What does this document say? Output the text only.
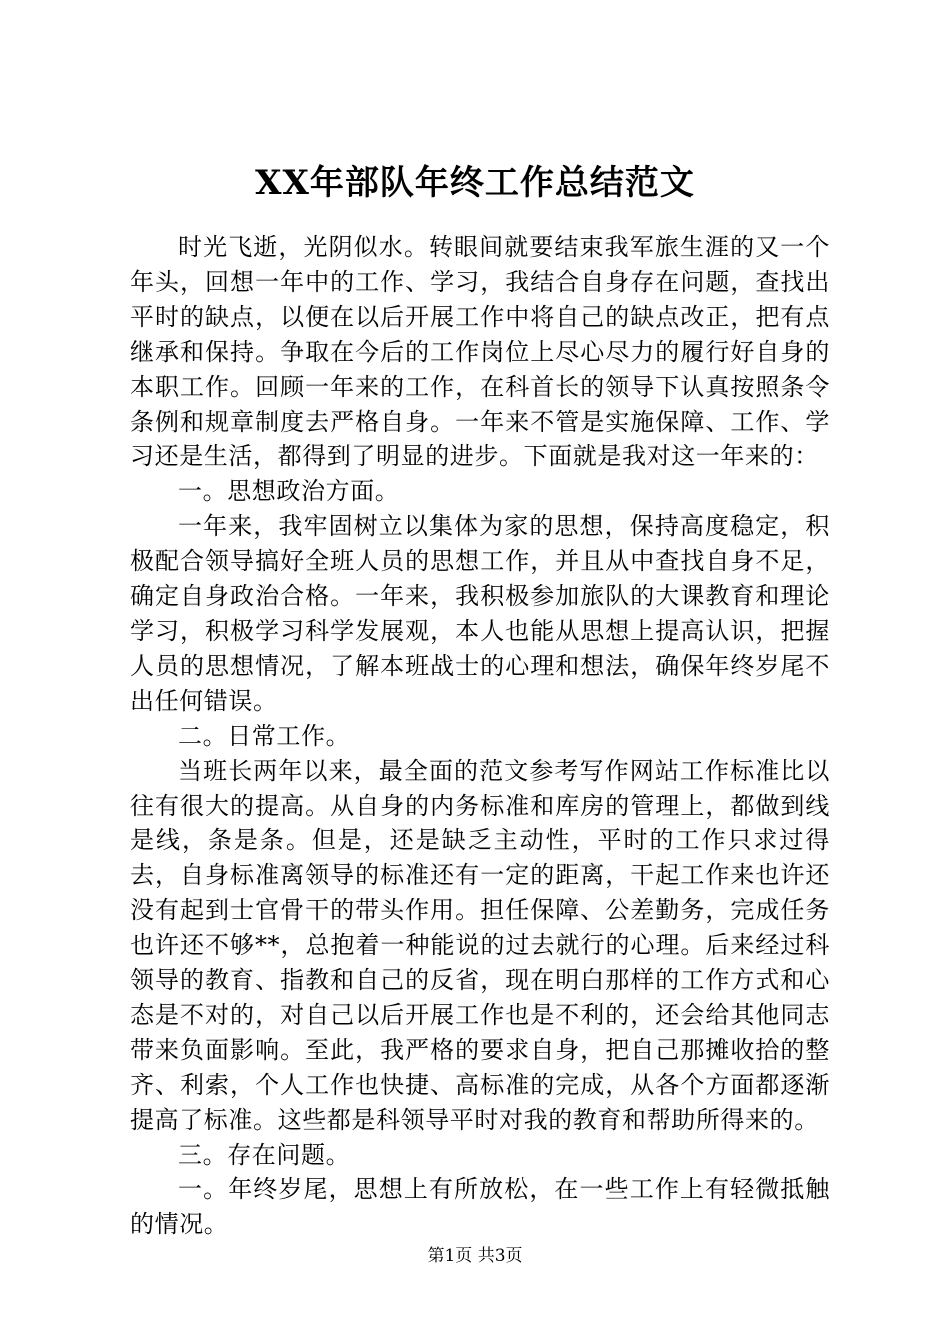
XX年部队年终工作总结范文

时光飞逝，光阴似水。转眼间就要结束我军旅生涯的又一个年头，回想一年中的工作、学习，我结合自身存在问题，查找出平时的缺点，以便在以后开展工作中将自己的缺点改正，把有点继承和保持。争取在今后的工作岗位上尽心尽力的履行好自身的本职工作。回顾一年来的工作，在科首长的领导下认真按照条令条例和规章制度去严格自身。一年来不管是实施保障、工作、学习还是生活，都得到了明显的进步。下面就是我对这一年来的：

一。思想政治方面。

一年来，我牢固树立以集体为家的思想，保持高度稳定，积极配合领导搞好全班人员的思想工作，并且从中查找自身不足，确定自身政治合格。一年来，我积极参加旅队的大课教育和理论学习，积极学习科学发展观，本人也能从思想上提高认识，把握人员的思想情况，了解本班战士的心理和想法，确保年终岁尾不出任何错误。

二。日常工作。

当班长两年以来，最全面的范文参考写作网站工作标准比以往有很大的提高。从自身的内务标准和库房的管理上，都做到线是线，条是条。但是，还是缺乏主动性，平时的工作只求过得去，自身标准离领导的标准还有一定的距离，干起工作来也许还没有起到士官骨干的带头作用。担任保障、公差勤务，完成任务也许还不够**，总抱着一种能说的过去就行的心理。后来经过科领导的教育、指教和自己的反省，现在明白那样的工作方式和心态是不对的，对自己以后开展工作也是不利的，还会给其他同志带来负面影响。至此，我严格的要求自身，把自己那摊收拾的整齐、利索，个人工作也快捷、高标准的完成，从各个方面都逐渐提高了标准。这些都是科领导平时对我的教育和帮助所得来的。

三。存在问题。

一。年终岁尾，思想上有所放松，在一些工作上有轻微抵触的情况。

第1页 共3页
